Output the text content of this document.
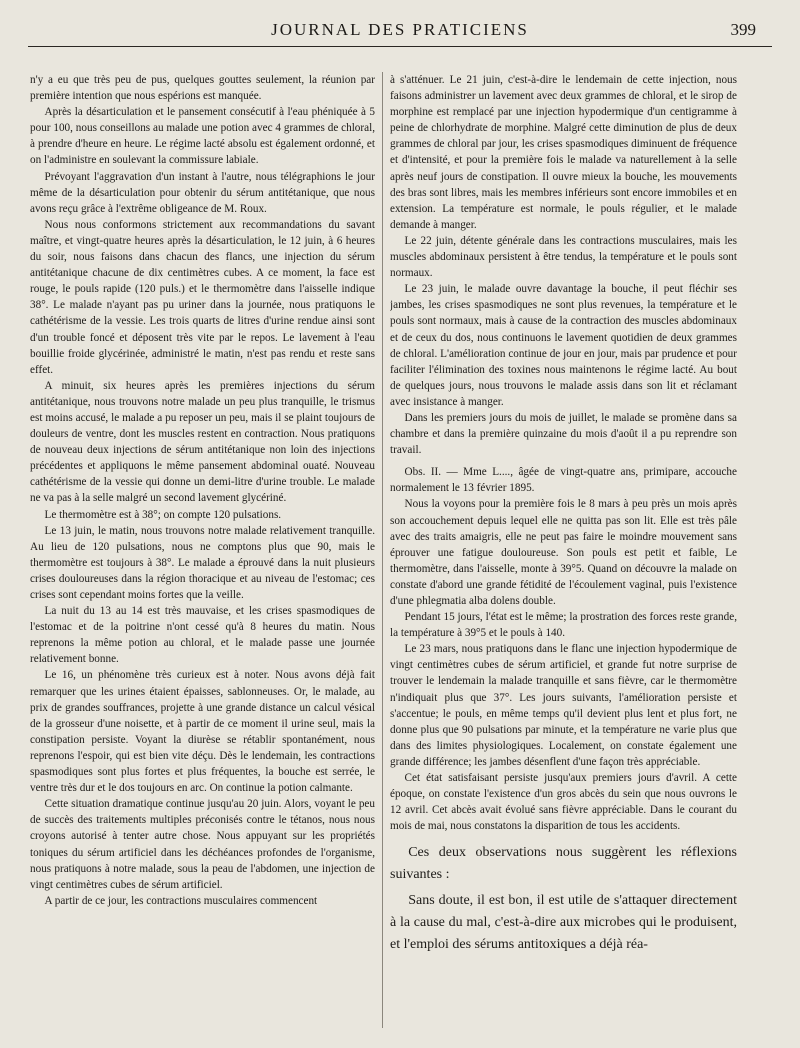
JOURNAL DES PRATICIENS	399

n'y a eu que très peu de pus, quelques gouttes seulement, la réunion par première intention que nous espérions est manquée.

Après la désarticulation et le pansement consécutif à l'eau phéniquée à 5 pour 100, nous conseillons au malade une potion avec 4 grammes de chloral, à prendre d'heure en heure. Le régime lacté absolu est également ordonné, et on l'administre en soulevant la commissure labiale.

Prévoyant l'aggravation d'un instant à l'autre, nous télégraphions le jour même de la désarticulation pour obtenir du sérum antitétanique, que nous avons reçu grâce à l'extrême obligeance de M. Roux.

Nous nous conformons strictement aux recommandations du savant maître, et vingt-quatre heures après la désarticulation, le 12 juin, à 6 heures du soir, nous faisons dans chacun des flancs, une injection du sérum antitétanique chacune de dix centimètres cubes. A ce moment, la face est rouge, le pouls rapide (120 puls.) et le thermomètre dans l'aisselle indique 38°. Le malade n'ayant pas pu uriner dans la journée, nous pratiquons le cathétérisme de la vessie. Les trois quarts de litres d'urine rendue ainsi sont d'un trouble foncé et déposent très vite par le repos. Le lavement à l'eau bouillie froide glycérinée, administré le matin, n'est pas rendu et reste sans effet.

A minuit, six heures après les premières injections du sérum antitétanique, nous trouvons notre malade un peu plus tranquille, le trismus est moins accusé, le malade a pu reposer un peu, mais il se plaint toujours de douleurs de ventre, dont les muscles restent en contraction. Nous pratiquons de nouveau deux injections de sérum antitétanique non loin des injections précédentes et appliquons le même pansement abdominal ouaté. Nouveau cathétérisme de la vessie qui donne un demi-litre d'urine trouble. Le malade ne va pas à la selle malgré un second lavement glycériné.

Le thermomètre est à 38°; on compte 120 pulsations.

Le 13 juin, le matin, nous trouvons notre malade relativement tranquille. Au lieu de 120 pulsations, nous ne comptons plus que 90, mais le thermomètre est toujours à 38°. Le malade a éprouvé dans la nuit plusieurs crises douloureuses dans la région thoracique et au niveau de l'estomac; ces crises sont cependant moins fortes que la veille.

La nuit du 13 au 14 est très mauvaise, et les crises spasmodiques de l'estomac et de la poitrine n'ont cessé qu'à 8 heures du matin. Nous reprenons la même potion au chloral, et le malade passe une journée relativement bonne.

Le 16, un phénomène très curieux est à noter. Nous avons déjà fait remarquer que les urines étaient épaisses, sablonneuses. Or, le malade, au prix de grandes souffrances, projette à une grande distance un calcul vésical de la grosseur d'une noisette, et à partir de ce moment il urine seul, mais la constipation persiste. Voyant la diurèse se rétablir spontanément, nous reprenons l'espoir, qui est bien vite déçu. Dès le lendemain, les contractions spasmodiques sont plus fortes et plus fréquentes, la bouche est serrée, le ventre très dur et le dos toujours en arc. On continue la potion calmante.

Cette situation dramatique continue jusqu'au 20 juin. Alors, voyant le peu de succès des traitements multiples préconisés contre le tétanos, nous nous croyons autorisé à tenter autre chose. Nous appuyant sur les propriétés toniques du sérum artificiel dans les déchéances profondes de l'organisme, nous pratiquons à notre malade, sous la peau de l'abdomen, une injection de vingt centimètres cubes de sérum artificiel.

A partir de ce jour, les contractions musculaires commencent

à s'atténuer. Le 21 juin, c'est-à-dire le lendemain de cette injection, nous faisons administrer un lavement avec deux grammes de chloral, et le sirop de morphine est remplacé par une injection hypodermique d'un centigramme à peine de chlorhydrate de morphine. Malgré cette diminution de plus de deux grammes de chloral par jour, les crises spasmodiques diminuent de fréquence et d'intensité, et pour la première fois le malade va naturellement à la selle après neuf jours de constipation. Il ouvre mieux la bouche, les mouvements des bras sont libres, mais les membres inférieurs sont encore immobiles et en extension. La température est normale, le pouls régulier, et le malade demande à manger.

Le 22 juin, détente générale dans les contractions musculaires, mais les muscles abdominaux persistent à être tendus, la température et le pouls sont normaux.

Le 23 juin, le malade ouvre davantage la bouche, il peut fléchir ses jambes, les crises spasmodiques ne sont plus revenues, la température et le pouls sont normaux, mais à cause de la contraction des muscles abdominaux et de ceux du dos, nous continuons le lavement quotidien de deux grammes de chloral. L'amélioration continue de jour en jour, mais par prudence et pour faciliter l'élimination des toxines nous maintenons le régime lacté. Au bout de quelques jours, nous trouvons le malade assis dans son lit et réclamant avec insistance à manger.

Dans les premiers jours du mois de juillet, le malade se promène dans sa chambre et dans la première quinzaine du mois d'août il a pu reprendre son travail.

Obs. II. — Mme L...., âgée de vingt-quatre ans, primipare, accouche normalement le 13 février 1895.

Nous la voyons pour la première fois le 8 mars à peu près un mois après son accouchement depuis lequel elle ne quitta pas son lit. Elle est très pâle avec des traits amaigris, elle ne peut pas faire le moindre mouvement sans éprouver une fatigue douloureuse. Son pouls est petit et faible, Le thermomètre, dans l'aisselle, monte à 39°5. Quand on découvre la malade on constate d'abord une grande fétidité de l'écoulement vaginal, puis l'existence d'une phlegmatia alba dolens double.

Pendant 15 jours, l'état est le même; la prostration des forces reste grande, la température à 39°5 et le pouls à 140.

Le 23 mars, nous pratiquons dans le flanc une injection hypodermique de vingt centimètres cubes de sérum artificiel, et grande fut notre surprise de trouver le lendemain la malade tranquille et sans fièvre, car le thermomètre n'indiquait plus que 37°. Les jours suivants, l'amélioration persiste et s'accentue; le pouls, en même temps qu'il devient plus lent et plus fort, ne donne plus que 90 pulsations par minute, et la température ne varie plus que dans des limites physiologiques. Localement, on constate également une grande différence; les jambes désenflent d'une façon très appréciable.

Cet état satisfaisant persiste jusqu'aux premiers jours d'avril. A cette époque, on constate l'existence d'un gros abcès du sein que nous ouvrons le 12 avril. Cet abcès avait évolué sans fièvre appréciable. Dans le courant du mois de mai, nous constatons la disparition de tous les accidents.

Ces deux observations nous suggèrent les réflexions suivantes :

Sans doute, il est bon, il est utile de s'attaquer directement à la cause du mal, c'est-à-dire aux microbes qui le produisent, et l'emploi des sérums antitoxiques a déjà réa-
